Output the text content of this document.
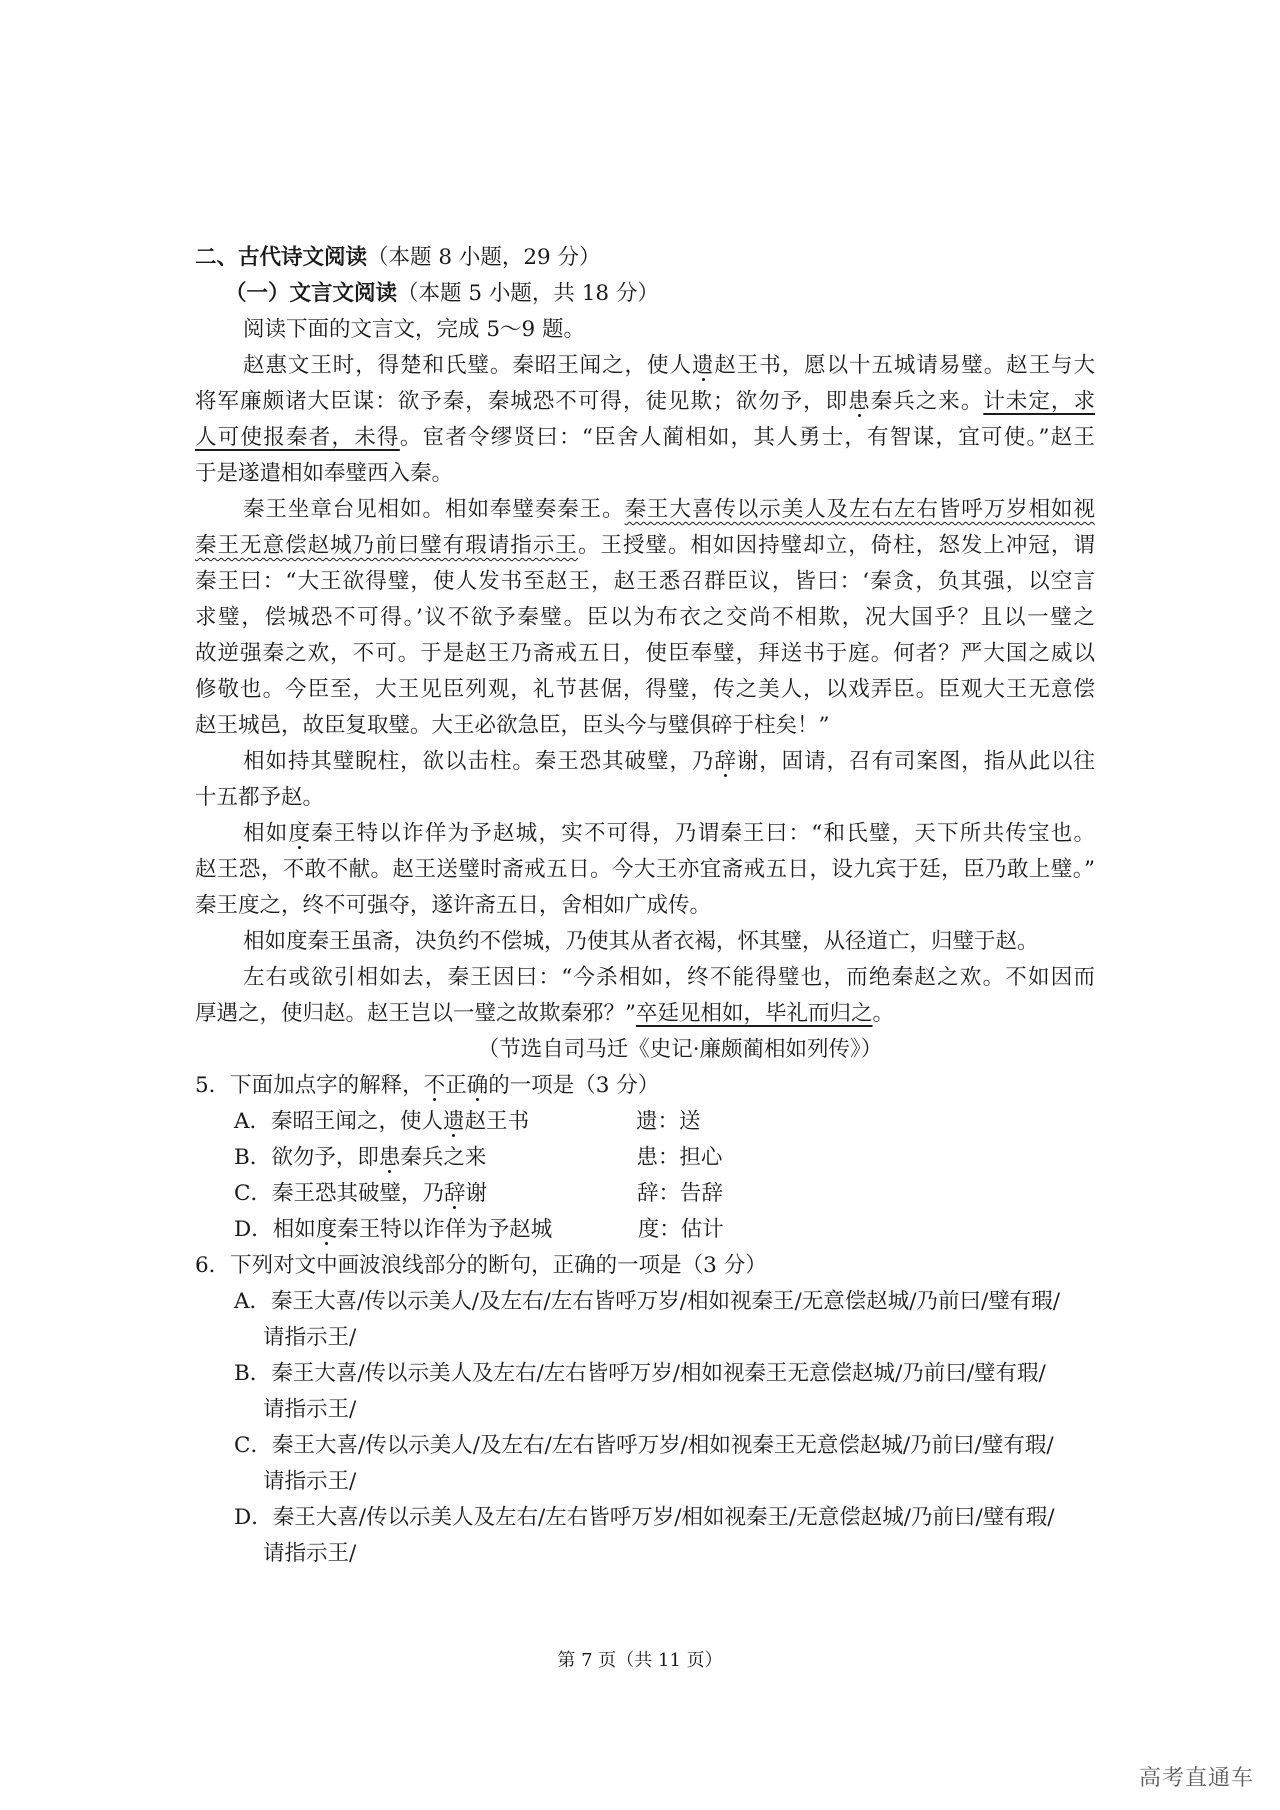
二、古代诗文阅读（本题 8 小题，29 分）
（一）文言文阅读（本题 5 小题，共 18 分）
阅读下面的文言文，完成 5～9 题。
赵惠文王时，得楚和氏璧。秦昭王闻之，使人遗赵王书，愿以十五城请易璧。赵王与大
将军廉颇诸大臣谋：欲予秦，秦城恐不可得，徒见欺；欲勿予，即患秦兵之来。计未定，求
人可使报秦者，未得。宦者令缪贤曰：“臣舍人蔺相如，其人勇士，有智谋，宜可使。”赵王
于是遂遣相如奉璧西入秦。
秦王坐章台见相如。相如奉璧奏秦王。秦王大喜传以示美人及左右左右皆呼万岁相如视
秦王无意偿赵城乃前曰璧有瑕请指示王。王授璧。相如因持璧却立，倚柱，怒发上冲冠，谓
秦王曰：“大王欲得璧，使人发书至赵王，赵王悉召群臣议，皆曰：‘秦贪，负其强，以空言
求璧，偿城恐不可得。’议不欲予秦璧。臣以为布衣之交尚不相欺，况大国乎？且以一璧之
故逆强秦之欢，不可。于是赵王乃斋戒五日，使臣奉璧，拜送书于庭。何者？严大国之威以
修敬也。今臣至，大王见臣列观，礼节甚倨，得璧，传之美人，以戏弄臣。臣观大王无意偿
赵王城邑，故臣复取璧。大王必欲急臣，臣头今与璧俱碎于柱矣！”
相如持其璧睨柱，欲以击柱。秦王恐其破璧，乃辞谢，固请，召有司案图，指从此以往
十五都予赵。
相如度秦王特以诈佯为予赵城，实不可得，乃谓秦王曰：“和氏璧，天下所共传宝也。
赵王恐，不敢不献。赵王送璧时斋戒五日。今大王亦宜斋戒五日，设九宾于廷，臣乃敢上璧。”
秦王度之，终不可强夺，遂许斋五日，舍相如广成传。
相如度秦王虽斋，决负约不偿城，乃使其从者衣褐，怀其璧，从径道亡，归璧于赵。
左右或欲引相如去，秦王因曰：“今杀相如，终不能得璧也，而绝秦赵之欢。不如因而
厚遇之，使归赵。赵王岂以一璧之故欺秦邪？”卒廷见相如，毕礼而归之。
（节选自司马迁《史记·廉颇蔺相如列传》）
5．下面加点字的解释，不正确的一项是（3 分）
A．秦昭王闻之，使人遗赵王书	遗：送
B．欲勿予，即患秦兵之来	患：担心
C．秦王恐其破璧，乃辞谢	辞：告辞
D．相如度秦王特以诈佯为予赵城	度：估计
6．下列对文中画波浪线部分的断句，正确的一项是（3 分）
A．秦王大喜/传以示美人/及左右/左右皆呼万岁/相如视秦王/无意偿赵城/乃前曰/璧有瑕/
请指示王/
B．秦王大喜/传以示美人及左右/左右皆呼万岁/相如视秦王无意偿赵城/乃前曰/璧有瑕/
请指示王/
C．秦王大喜/传以示美人/及左右/左右皆呼万岁/相如视秦王无意偿赵城/乃前曰/璧有瑕/
请指示王/
D．秦王大喜/传以示美人及左右/左右皆呼万岁/相如视秦王/无意偿赵城/乃前曰/璧有瑕/
请指示王/
第 7 页（共 11 页）
高考直通车
